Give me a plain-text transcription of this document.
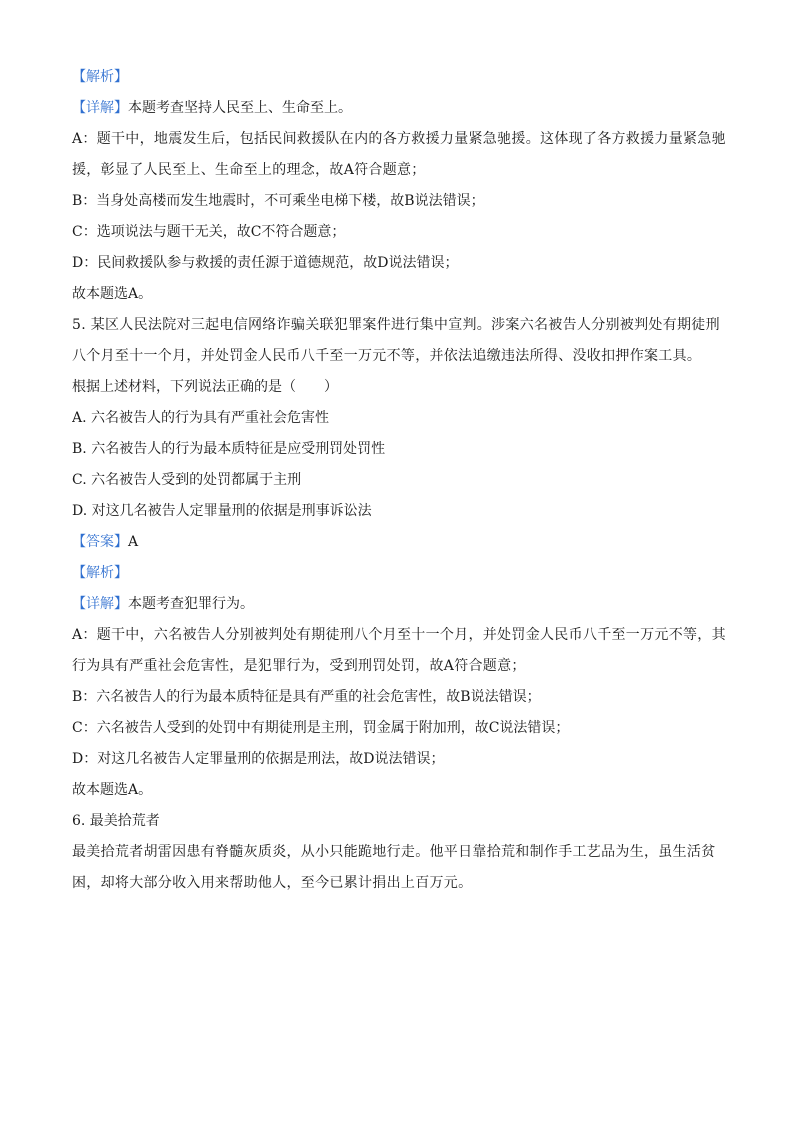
【解析】
【详解】本题考查坚持人民至上、生命至上。
A：题干中，地震发生后，包括民间救援队在内的各方救援力量紧急驰援。这体现了各方救援力量紧急驰援，彰显了人民至上、生命至上的理念，故A符合题意；
B：当身处高楼而发生地震时，不可乘坐电梯下楼，故B说法错误；
C：选项说法与题干无关，故C不符合题意；
D：民间救援队参与救援的责任源于道德规范，故D说法错误；
故本题选A。
5. 某区人民法院对三起电信网络诈骗关联犯罪案件进行集中宣判。涉案六名被告人分别被判处有期徒刑八个月至十一个月，并处罚金人民币八千至一万元不等，并依法追缴违法所得、没收扣押作案工具。
根据上述材料，下列说法正确的是（　　）
A. 六名被告人的行为具有严重社会危害性
B. 六名被告人的行为最本质特征是应受刑罚处罚性
C. 六名被告人受到的处罚都属于主刑
D. 对这几名被告人定罪量刑的依据是刑事诉讼法
【答案】A
【解析】
【详解】本题考查犯罪行为。
A：题干中，六名被告人分别被判处有期徒刑八个月至十一个月，并处罚金人民币八千至一万元不等，其行为具有严重社会危害性，是犯罪行为，受到刑罚处罚，故A符合题意；
B：六名被告人的行为最本质特征是具有严重的社会危害性，故B说法错误；
C：六名被告人受到的处罚中有期徒刑是主刑，罚金属于附加刑，故C说法错误；
D：对这几名被告人定罪量刑的依据是刑法，故D说法错误；
故本题选A。
6. 最美拾荒者
最美拾荒者胡雷因患有脊髓灰质炎，从小只能跪地行走。他平日靠拾荒和制作手工艺品为生，虽生活贫困，却将大部分收入用来帮助他人，至今已累计捐出上百万元。
